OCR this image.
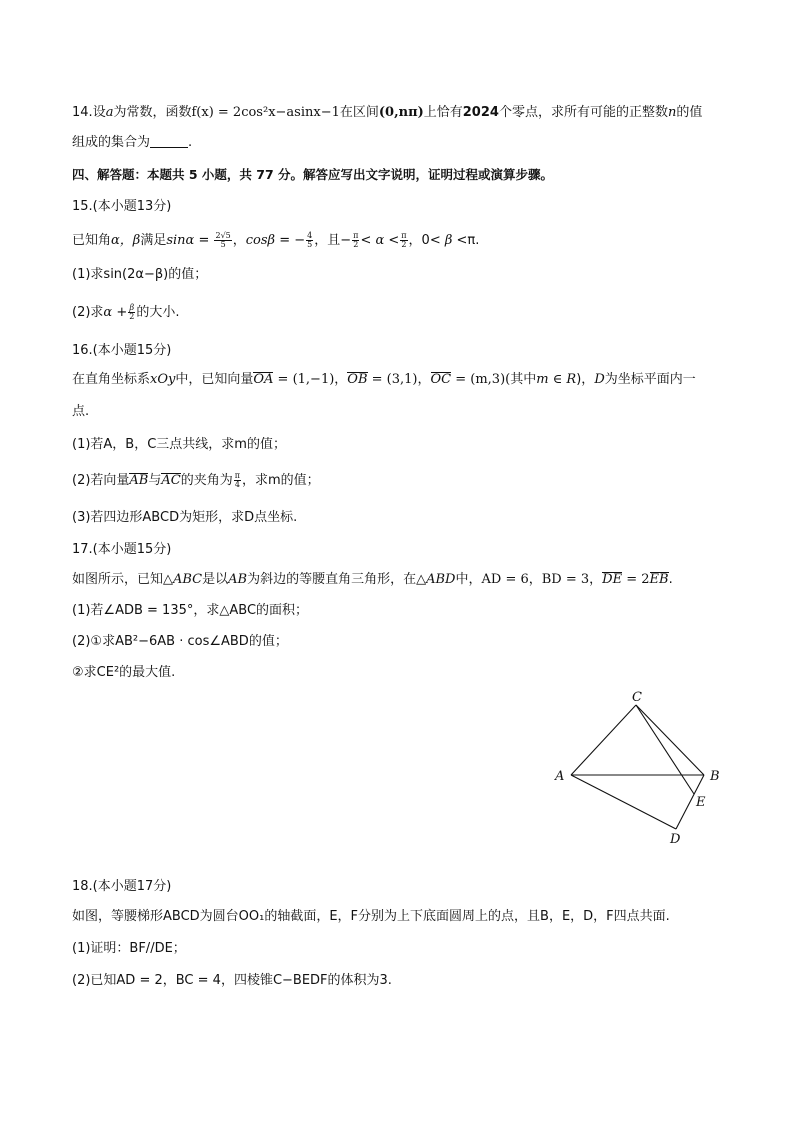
14.设a为常数，函数f(x) = 2cos²x−asinx−1在区间(0,nπ)上恰有2024个零点，求所有可能的正整数n的值
组成的集合为	.
四、解答题：本题共 5 小题，共 77 分。解答应写出文字说明，证明过程或演算步骤。
15.(本小题13分)
已知角α，β满足$\sin\alpha = \frac{2√5}{5}$ ，cosβ = − $\frac{4}{5}$ ，且− $\frac{\pi}{2} < \alpha < \frac{\pi}{2}$ ，0< β <π.
(1)求sin(2α−β)的值；
(2)求$\alpha + \frac{\beta}{2}$ 的大小.
16.(本小题15分)
在直角坐标系xOy中，已知向量OA = (1,−1)，OB = (3,1)，OC = (m,3)(其中m ∈ R)，D为坐标平面内一
点.
(1)若A，B，C三点共线，求m的值；
(2)若向量AB与AC的夹角为 $\frac{\pi}{4}$ ，求m的值；
(3)若四边形ABCD为矩形，求D点坐标.
17.(本小题15分)
如图所示，已知△ABC是以AB为斜边的等腰直角三角形，在△ABD中，AD = 6，BD = 3，DE = 2EB.
(1)若∠ADB = 135°，求△ABC的面积；
(2)①求AB²−6AB · cos∠ABD的值；
②求CE²的最大值.
C
A	B
E
D
18.(本小题17分)
如图，等腰梯形ABCD为圆台OO₁的轴截面，E，F分别为上下底面圆周上的点，且B，E，D，F四点共面.
(1)证明：BF//DE；
(2)已知AD = 2，BC = 4，四棱锥C−BEDF的体积为3.
